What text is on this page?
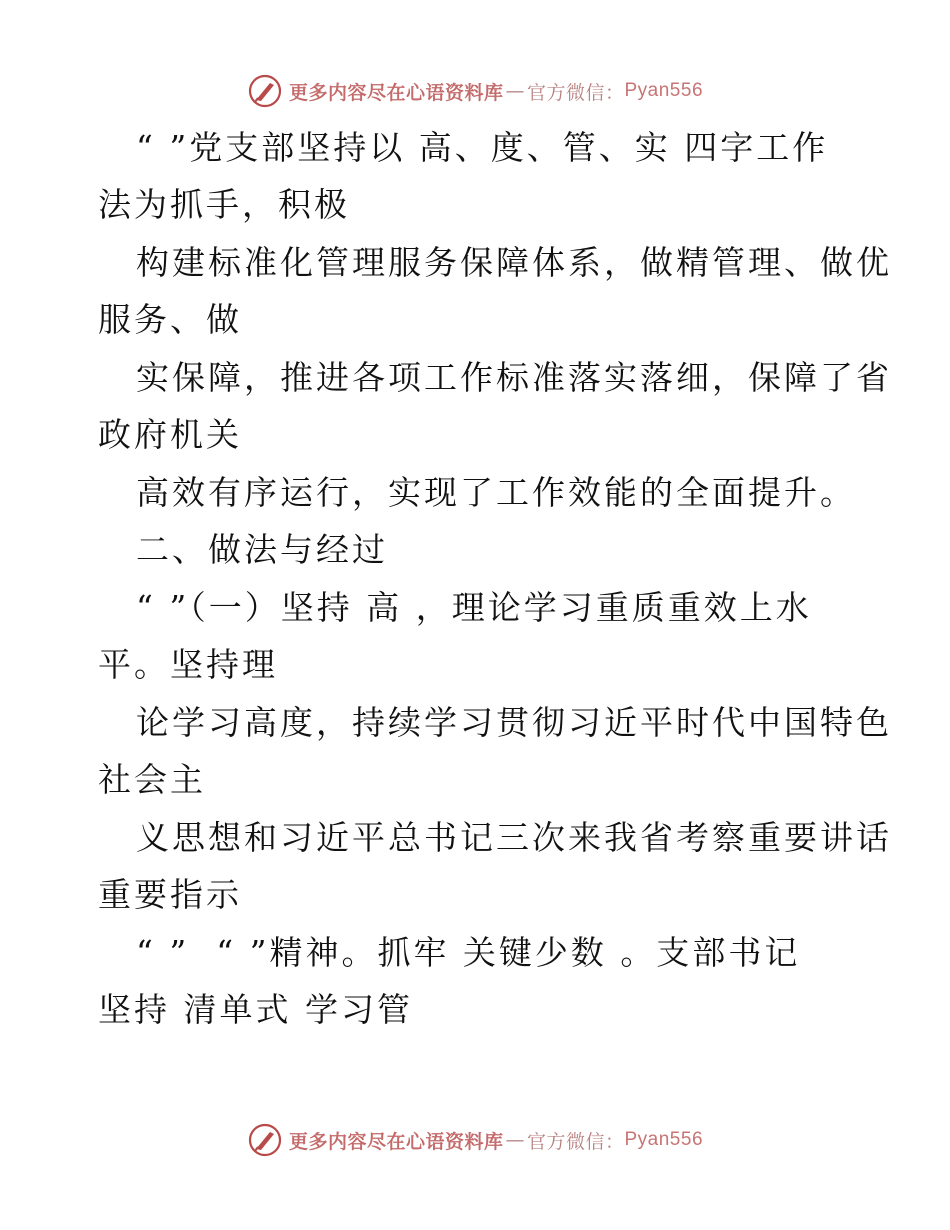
更多内容尽在心语资料库 — 官方微信： Pyan556
“ ”党支部坚持以 高、度、管、实 四字工作
法为抓手，积极
构建标准化管理服务保障体系，做精管理、做优
服务、做
实保障，推进各项工作标准落实落细，保障了省
政府机关
高效有序运行，实现了工作效能的全面提升。
二、做法与经过
“ ”（一）坚持 高 ，理论学习重质重效上水
平。坚持理
论学习高度，持续学习贯彻习近平时代中国特色
社会主
义思想和习近平总书记三次来我省考察重要讲话
重要指示
“ ”  “ ”精神。抓牢 关键少数 。支部书记
坚持 清单式 学习管
更多内容尽在心语资料库 — 官方微信： Pyan556
